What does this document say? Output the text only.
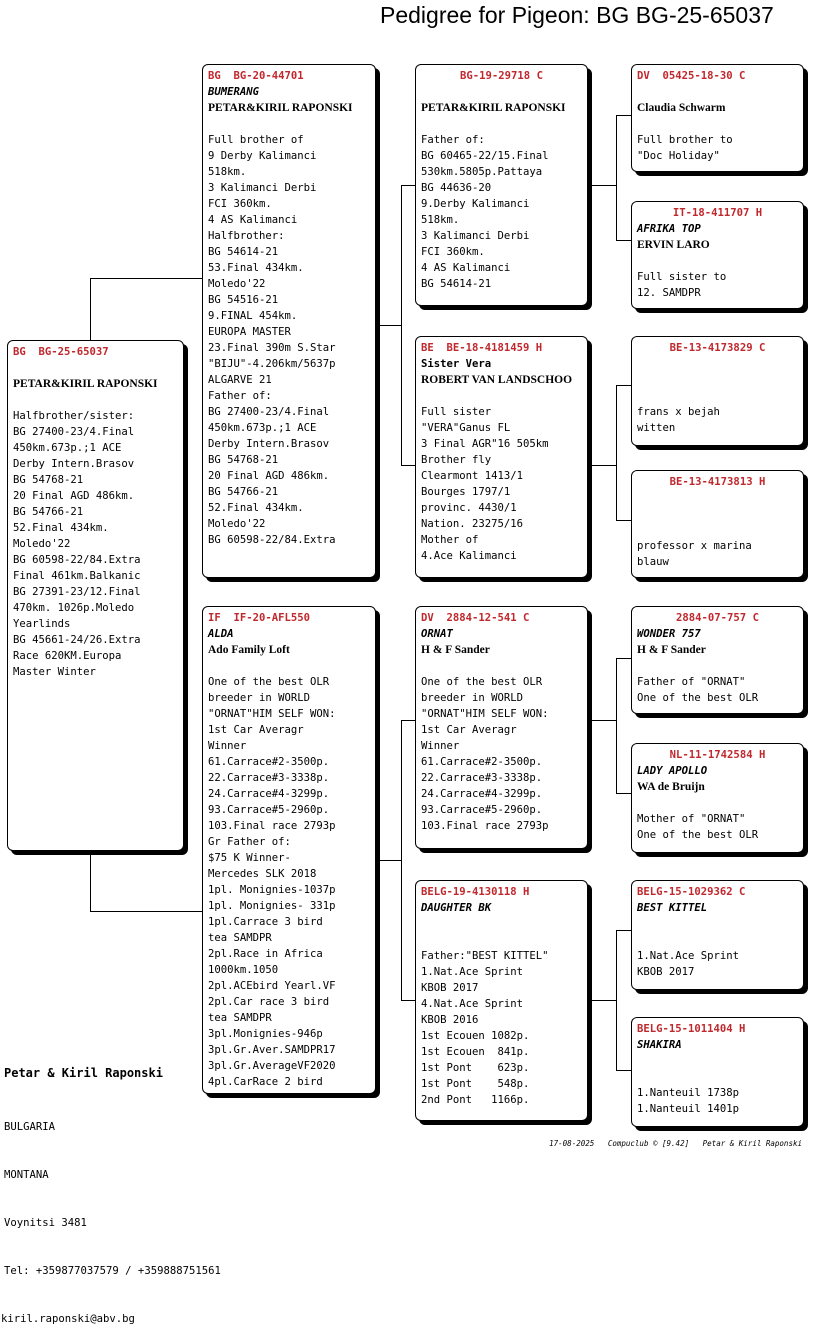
Pedigree for Pigeon: BG BG-25-65037
BG  BG-25-65037
PETAR&KIRIL RAPONSKI
Halfbrother/sister:
BG 27400-23/4.Final
450km.673p.;1 ACE
Derby Intern.Brasov
BG 54768-21
20 Final AGD 486km.
BG 54766-21
52.Final 434km.
Moledo'22
BG 60598-22/84.Extra
Final 461km.Balkanic
BG 27391-23/12.Final
470km. 1026p.Moledo
Yearlinds
BG 45661-24/26.Extra
Race 620KM.Europa
Master Winter
BG  BG-20-44701
BUMERANG
PETAR&KIRIL RAPONSKI
Full brother of
9 Derby Kalimanci
518km.
3 Kalimanci Derbi
FCI 360km.
4 AS Kalimanci
Halfbrother:
BG 54614-21
53.Final 434km.
Moledo'22
BG 54516-21
9.FINAL 454km.
EUROPA MASTER
23.Final 390m S.Star
"BIJU"-4.206km/5637p
ALGARVE 21
Father of:
BG 27400-23/4.Final
450km.673p.;1 ACE
Derby Intern.Brasov
BG 54768-21
20 Final AGD 486km.
BG 54766-21
52.Final 434km.
Moledo'22
BG 60598-22/84.Extra
IF  IF-20-AFL550
ALDA
Ado Family Loft
One of the best OLR
breeder in WORLD
"ORNAT"HIM SELF WON:
1st Car Averagr
Winner
61.Carrace#2-3500p.
22.Carrace#3-3338p.
24.Carrace#4-3299p.
93.Carrace#5-2960p.
103.Final race 2793p
Gr Father of:
$75 K Winner-
Mercedes SLK 2018
1pl. Monignies-1037p
1pl. Monignies- 331p
1pl.Carrace 3 bird
tea SAMDPR
2pl.Race in Africa
1000km.1050
2pl.ACEbird Yearl.VF
2pl.Car race 3 bird
tea SAMDPR
3pl.Monignies-946p
3pl.Gr.Aver.SAMDPR17
3pl.Gr.AverageVF2020
4pl.CarRace 2 bird
BG-19-29718 C
PETAR&KIRIL RAPONSKI
Father of:
BG 60465-22/15.Final
530km.5805p.Pattaya
BG 44636-20
9.Derby Kalimanci
518km.
3 Kalimanci Derbi
FCI 360km.
4 AS Kalimanci
BG 54614-21
BE  BE-18-4181459 H
Sister Vera
ROBERT VAN LANDSCHOO
Full sister
"VERA"Ganus FL
3 Final AGR"16 505km
Brother fly
Clearmont 1413/1
Bourges 1797/1
provinc. 4430/1
Nation. 23275/16
Mother of
4.Ace Kalimanci
DV  2884-12-541 C
ORNAT
H & F Sander
One of the best OLR
breeder in WORLD
"ORNAT"HIM SELF WON:
1st Car Averagr
Winner
61.Carrace#2-3500p.
22.Carrace#3-3338p.
24.Carrace#4-3299p.
93.Carrace#5-2960p.
103.Final race 2793p
BELG-19-4130118 H
DAUGHTER BK
Father:"BEST KITTEL"
1.Nat.Ace Sprint
KBOB 2017
4.Nat.Ace Sprint
KBOB 2016
1st Ecouen 1082p.
1st Ecouen  841p.
1st Pont    623p.
1st Pont    548p.
2nd Pont   1166p.
DV  05425-18-30 C
Claudia Schwarm
Full brother to
"Doc Holiday"
IT-18-411707 H
AFRIKA TOP
ERVIN LARO
Full sister to
12. SAMDPR
BE-13-4173829 C
frans x bejah
witten
BE-13-4173813 H
professor x marina
blauw
2884-07-757 C
WONDER 757
H & F Sander
Father of "ORNAT"
One of the best OLR
NL-11-1742584 H
LADY APOLLO
WA de Bruijn
Mother of "ORNAT"
One of the best OLR
BELG-15-1029362 C
BEST KITTEL
1.Nat.Ace Sprint
KBOB 2017
BELG-15-1011404 H
SHAKIRA
1.Nanteuil 1738p
1.Nanteuil 1401p

Petar & Kiril Raponski

BULGARIA

MONTANA

Voynitsi 3481

Tel: +359877037579 / +359888751561

kiril.raponski@abv.bg

17-08-2025   Compuclub © [9.42]   Petar & Kiril Raponski
